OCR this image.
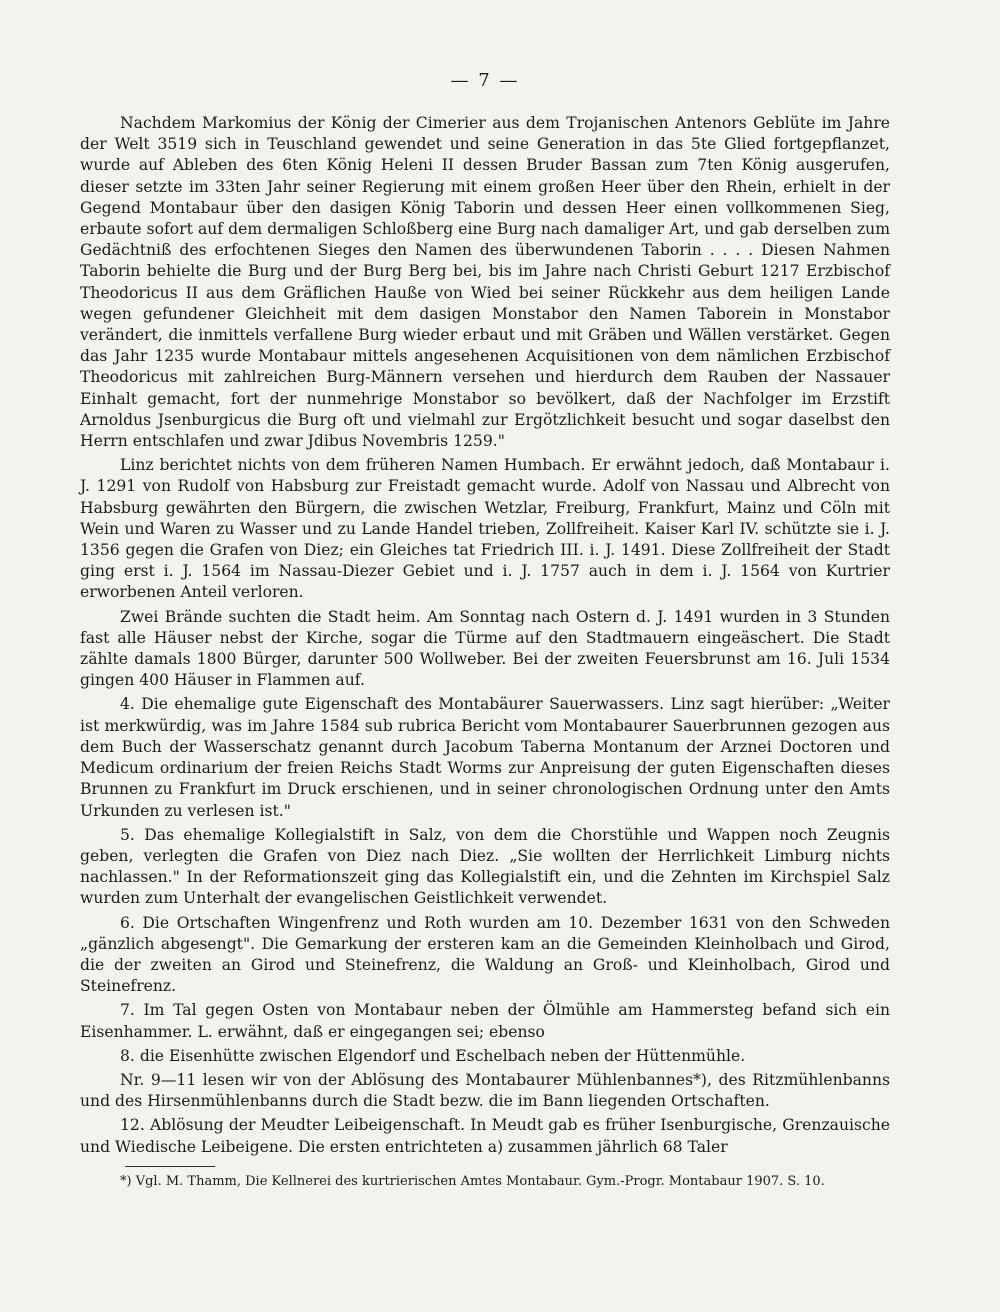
— 7 —

Nachdem Markomius der König der Cimerier aus dem Trojanischen Antenors Geblüte im Jahre der Welt 3519 sich in Teuschland gewendet und seine Generation in das 5te Glied fortgepflanzet, wurde auf Ableben des 6ten König Heleni II dessen Bruder Bassan zum 7ten König ausgerufen, dieser setzte im 33ten Jahr seiner Regierung mit einem großen Heer über den Rhein, erhielt in der Gegend Montabaur über den dasigen König Taborin und dessen Heer einen vollkommenen Sieg, erbaute sofort auf dem dermaligen Schloßberg eine Burg nach damaliger Art, und gab derselben zum Gedächtniß des erfochtenen Sieges den Namen des überwundenen Taborin . . . . Diesen Nahmen Taborin behielte die Burg und der Burg Berg bei, bis im Jahre nach Christi Geburt 1217 Erzbischof Theodoricus II aus dem Gräflichen Hauße von Wied bei seiner Rückkehr aus dem heiligen Lande wegen gefundener Gleichheit mit dem dasigen Monstabor den Namen Taborein in Monstabor verändert, die inmittels verfallene Burg wieder erbaut und mit Gräben und Wällen verstärket. Gegen das Jahr 1235 wurde Montabaur mittels angesehenen Acquisitionen von dem nämlichen Erzbischof Theodoricus mit zahlreichen Burg-Männern versehen und hierdurch dem Rauben der Nassauer Einhalt gemacht, fort der nunmehrige Monstabor so bevölkert, daß der Nachfolger im Erzstift Arnoldus Jsenburgicus die Burg oft und vielmahl zur Ergötzlichkeit besucht und sogar daselbst den Herrn entschlafen und zwar Jdibus Novembris 1259."

Linz berichtet nichts von dem früheren Namen Humbach. Er erwähnt jedoch, daß Montabaur i. J. 1291 von Rudolf von Habsburg zur Freistadt gemacht wurde. Adolf von Nassau und Albrecht von Habsburg gewährten den Bürgern, die zwischen Wetzlar, Freiburg, Frankfurt, Mainz und Cöln mit Wein und Waren zu Wasser und zu Lande Handel trieben, Zollfreiheit. Kaiser Karl IV. schützte sie i. J. 1356 gegen die Grafen von Diez; ein Gleiches tat Friedrich III. i. J. 1491. Diese Zollfreiheit der Stadt ging erst i. J. 1564 im Nassau-Diezer Gebiet und i. J. 1757 auch in dem i. J. 1564 von Kurtrier erworbenen Anteil verloren.

Zwei Brände suchten die Stadt heim. Am Sonntag nach Ostern d. J. 1491 wurden in 3 Stunden fast alle Häuser nebst der Kirche, sogar die Türme auf den Stadtmauern eingeäschert. Die Stadt zählte damals 1800 Bürger, darunter 500 Wollweber. Bei der zweiten Feuersbrunst am 16. Juli 1534 gingen 400 Häuser in Flammen auf.

4. Die ehemalige gute Eigenschaft des Montabäurer Sauerwassers. Linz sagt hierüber: „Weiter ist merkwürdig, was im Jahre 1584 sub rubrica Bericht vom Montabaurer Sauerbrunnen gezogen aus dem Buch der Wasserschatz genannt durch Jacobum Taberna Montanum der Arznei Doctoren und Medicum ordinarium der freien Reichs Stadt Worms zur Anpreisung der guten Eigenschaften dieses Brunnen zu Frankfurt im Druck erschienen, und in seiner chronologischen Ordnung unter den Amts Urkunden zu verlesen ist."

5. Das ehemalige Kollegialstift in Salz, von dem die Chorstühle und Wappen noch Zeugnis geben, verlegten die Grafen von Diez nach Diez. „Sie wollten der Herrlichkeit Limburg nichts nachlassen." In der Reformationszeit ging das Kollegialstift ein, und die Zehnten im Kirchspiel Salz wurden zum Unterhalt der evangelischen Geistlichkeit verwendet.

6. Die Ortschaften Wingenfrenz und Roth wurden am 10. Dezember 1631 von den Schweden „gänzlich abgesengt". Die Gemarkung der ersteren kam an die Gemeinden Kleinholbach und Girod, die der zweiten an Girod und Steinefrenz, die Waldung an Groß- und Kleinholbach, Girod und Steinefrenz.

7. Im Tal gegen Osten von Montabaur neben der Ölmühle am Hammersteg befand sich ein Eisenhammer. L. erwähnt, daß er eingegangen sei; ebenso

8. die Eisenhütte zwischen Elgendorf und Eschelbach neben der Hüttenmühle.

Nr. 9—11 lesen wir von der Ablösung des Montabaurer Mühlenbannes*), des Ritzmühlenbanns und des Hirsenmühlenbanns durch die Stadt bezw. die im Bann liegenden Ortschaften.

12. Ablösung der Meudter Leibeigenschaft. In Meudt gab es früher Isenburgische, Grenzauische und Wiedische Leibeigene. Die ersten entrichteten a) zusammen jährlich 68 Taler

*) Vgl. M. Thamm, Die Kellnerei des kurtrierischen Amtes Montabaur. Gym.-Progr. Montabaur 1907. S. 10.
